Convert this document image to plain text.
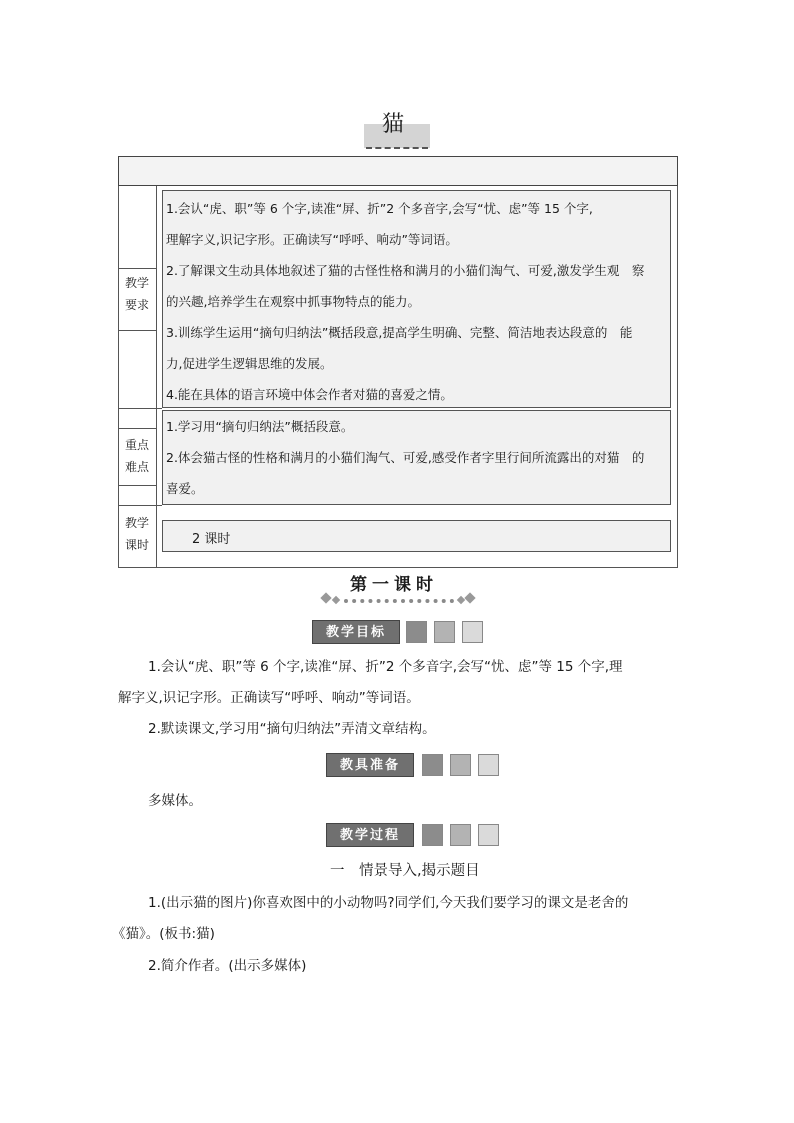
猫
教学
要求
1.会认“虎、职”等 6 个字,读准“屏、折”2 个多音字,会写“忧、虑”等 15 个字,
理解字义,识记字形。正确读写“呼呼、响动”等词语。
2.了解课文生动具体地叙述了猫的古怪性格和满月的小猫们淘气、可爱,激发学生观　察
的兴趣,培养学生在观察中抓事物特点的能力。
3.训练学生运用“摘句归纳法”概括段意,提高学生明确、完整、简洁地表达段意的　能
力,促进学生逻辑思维的发展。
4.能在具体的语言环境中体会作者对猫的喜爱之情。
重点
难点
1.学习用“摘句归纳法”概括段意。
2.体会猫古怪的性格和满月的小猫们淘气、可爱,感受作者字里行间所流露出的对猫　的
喜爱。
教学
课时	2 课时
第一课时
教学目标
1.会认“虎、职”等 6 个字,读准“屏、折”2 个多音字,会写“忧、虑”等 15 个字,理
解字义,识记字形。正确读写“呼呼、响动”等词语。
2.默读课文,学习用“摘句归纳法”弄清文章结构。
教具准备
多媒体。
教学过程
一　情景导入,揭示题目
1.(出示猫的图片)你喜欢图中的小动物吗?同学们,今天我们要学习的课文是老舍的
《猫》。(板书:猫)
2.简介作者。(出示多媒体)
